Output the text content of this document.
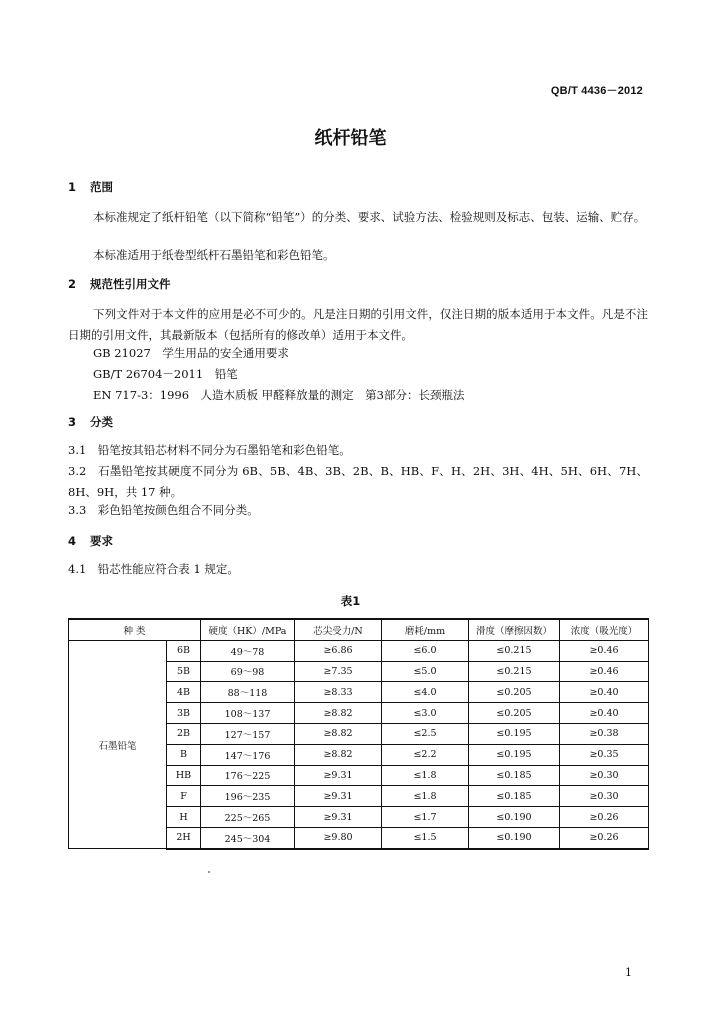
QB/T 4436－2012
纸杆铅笔
1 范围
本标准规定了纸杆铅笔（以下简称“铅笔”）的分类、要求、试验方法、检验规则及标志、包装、运输、贮存。
本标准适用于纸卷型纸杆石墨铅笔和彩色铅笔。
2 规范性引用文件
下列文件对于本文件的应用是必不可少的。凡是注日期的引用文件，仅注日期的版本适用于本文件。凡是不注日期的引用文件，其最新版本（包括所有的修改单）适用于本文件。
GB 21027　学生用品的安全通用要求
GB/T 26704－2011　铅笔
EN 717-3：1996　人造木质板 甲醛释放量的测定　第3部分：长颈瓶法
3 分类
3.1　铅笔按其铅芯材料不同分为石墨铅笔和彩色铅笔。
3.2　石墨铅笔按其硬度不同分为 6B、5B、4B、3B、2B、B、HB、F、H、2H、3H、4H、5H、6H、7H、8H、9H，共 17 种。
3.3　彩色铅笔按颜色组合不同分类。
4 要求
4.1　铅芯性能应符合表 1 规定。
表1
种 类		硬度（HK）/MPa	芯尖受力/N	磨耗/mm	滑度（摩擦因数）	浓度（吸光度）
石墨铅笔	6B	49～78	≥6.86	≤6.0	≤0.215	≥0.46
	5B	69～98	≥7.35	≤5.0	≤0.215	≥0.46
	4B	88～118	≥8.33	≤4.0	≤0.205	≥0.40
	3B	108～137	≥8.82	≤3.0	≤0.205	≥0.40
	2B	127～157	≥8.82	≤2.5	≤0.195	≥0.38
	B	147～176	≥8.82	≤2.2	≤0.195	≥0.35
	HB	176～225	≥9.31	≤1.8	≤0.185	≥0.30
	F	196～235	≥9.31	≤1.8	≤0.185	≥0.30
	H	225～265	≥9.31	≤1.7	≤0.190	≥0.26
	2H	245～304	≥9.80	≤1.5	≤0.190	≥0.26
1
